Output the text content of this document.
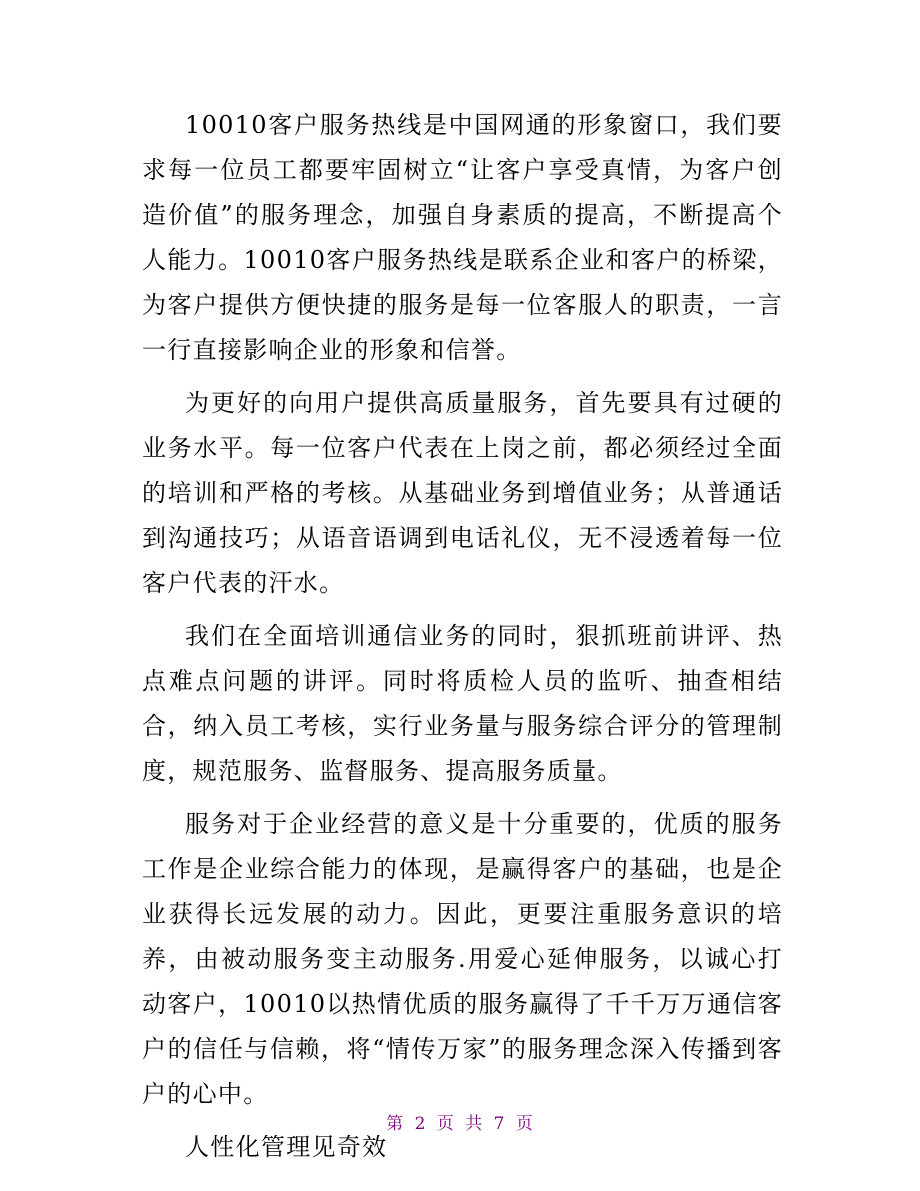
10010客户服务热线是中国网通的形象窗口，我们要求每一位员工都要牢固树立“让客户享受真情，为客户创造价值”的服务理念，加强自身素质的提高，不断提高个人能力。10010客户服务热线是联系企业和客户的桥梁，为客户提供方便快捷的服务是每一位客服人的职责，一言一行直接影响企业的形象和信誉。

为更好的向用户提供高质量服务，首先要具有过硬的业务水平。每一位客户代表在上岗之前，都必须经过全面的培训和严格的考核。从基础业务到增值业务；从普通话到沟通技巧；从语音语调到电话礼仪，无不浸透着每一位客户代表的汗水。

我们在全面培训通信业务的同时，狠抓班前讲评、热点难点问题的讲评。同时将质检人员的监听、抽查相结合，纳入员工考核，实行业务量与服务综合评分的管理制度，规范服务、监督服务、提高服务质量。

服务对于企业经营的意义是十分重要的，优质的服务工作是企业综合能力的体现，是赢得客户的基础，也是企业获得长远发展的动力。因此，更要注重服务意识的培养，由被动服务变主动服务.用爱心延伸服务，以诚心打动客户，10010以热情优质的服务赢得了千千万万通信客户的信任与信赖，将“情传万家”的服务理念深入传播到客户的心中。

人性化管理见奇效

第 2 页 共 7 页
